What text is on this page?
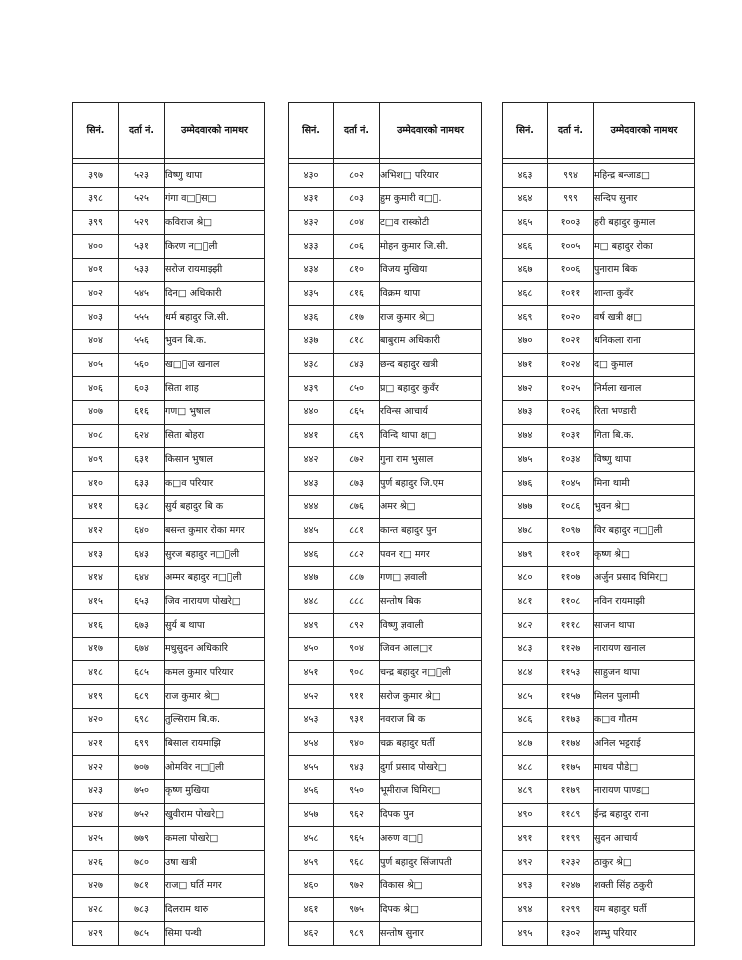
सिनं.	दर्ता नं.	उम्मेदवारको नामथर

३९७	५२३	विष्णु थापा
३९८	५२५	गंगा व□ास□
३९९	५२९	कविराज श्रे□
४००	५३१	किरण न□ाली
४०१	५३३	सरोज रायमाझ्झी
४०२	५४५	दिन□ अधिकारी
४०३	५५५	धर्म बहादुर जि.सी.
४०४	५५६	भुवन बि.क.
४०५	५६०	ख□ोज खनाल
४०६	६०३	सिता शाह
४०७	६१६	गण□ भुषाल
४०८	६२४	सिता बोहरा
४०९	६३१	किसान भुषाल
४१०	६३३	क□व परियार
४११	६३८	सुर्य बहादुर बि क
४१२	६४०	बसन्त कुमार रोका मगर
४१३	६४३	सुरज बहादुर न□ाली
४१४	६४४	अम्मर बहादुर न□ाली
४१५	६५३	जिव नारायण पोखरे□
४१६	६७३	सुर्य ब थापा
४१७	६७४	मधुसुदन अधिकारि
४१८	६८५	कमल कुमार परियार
४१९	६८९	राज कुमार श्रे□
४२०	६९८	तुल्सिराम बि.क.
४२१	६९९	बिसाल रायमाझि
४२२	७०७	ओमविर न□ाली
४२३	७५०	कृष्ण मुखिया
४२४	७५२	खुवीराम पोखरे□
४२५	७७९	कमला पोखरे□
४२६	७८०	उषा खत्री
४२७	७८१	राज□ घर्ति मगर
४२८	७८३	दिलराम थारु
४२९	७८५	सिमा पन्थी
सिनं.	दर्ता नं.	उम्मेदवारको नामथर

४३०	८०२	अभिश□ परियार
४३१	८०३	हुम कुमारी व□ी.
४३२	८०४	ट□व रास्कोटी
४३३	८०६	मोहन कुमार जि.सी.
४३४	८१०	विजय मुखिया
४३५	८१६	विक्रम थापा
४३६	८१७	राज कुमार श्रे□
४३७	८१८	बाबुराम अधिकारी
४३८	८४३	छन्द बहादुर खत्री
४३९	८५०	प्र□ बहादुर कुवँर
४४०	८६५	रविन्स आचार्य
४४१	८६९	विन्दि थापा क्ष□
४४२	८७२	गुना राम भुसाल
४४३	८७३	पुर्ण बहादुर जि.एम
४४४	८७६	अमर श्रे□
४४५	८८१	कान्त बहादुर पुन
४४६	८८२	पवन र□ मगर
४४७	८८७	गण□ ज्ञवाली
४४८	८८८	सन्तोष बिक
४४९	८९२	विष्णु ज्ञवाली
४५०	९०४	जिवन आल□र
४५१	९०८	चन्द्र बहादुर न□ाली
४५२	९११	सरोज कुमार श्रे□
४५३	९३१	नवराज बि क
४५४	९४०	चक्र बहादुर घर्ती
४५५	९४३	दुर्गा प्रसाद पोखरे□
४५६	९५०	भूमीराज घिमिर□
४५७	९६२	दिपक पुन
४५८	९६५	अरुण व□ी
४५९	९६८	पुर्ण बहादुर सिंजापती
४६०	९७२	विकास श्रे□
४६१	९७५	दिपक श्रे□
४६२	९८९	सन्तोष सुनार
सिनं.	दर्ता नं.	उम्मेदवारको नामथर

४६३	९९४	महिन्द्र बन्जाड□
४६४	९९९	सन्दिप सुनार
४६५	१००३	हरी बहादुर कुमाल
४६६	१००५	म□ बहादुर रोका
४६७	१००६	पुनाराम बिक
४६८	१०११	शान्ता कुवँर
४६९	१०२०	वर्ष खत्री क्ष□
४७०	१०२१	धनिकला राना
४७१	१०२४	द□ कुमाल
४७२	१०२५	निर्मला खनाल
४७३	१०२६	रिता भण्डारी
४७४	१०३१	गिता बि.क.
४७५	१०३४	विष्णु थापा
४७६	१०४५	मिना थामी
४७७	१०८६	भुवन श्रे□
४७८	१०९७	विर बहादुर न□ाली
४७९	११०१	कृष्ण श्रे□
४८०	११०७	अर्जुन प्रसाद घिमिर□
४८१	११०८	नविन रायमाझी
४८२	१११८	साजन थापा
४८३	११२७	नारायण खनाल
४८४	११५३	साहुजन थापा
४८५	११५७	मिलन पुलामी
४८६	११७३	क□व गौतम
४८७	११७४	अनिल भट्टराई
४८८	११७५	माधव पौडे□
४८९	११७९	नारायण पाण्ड□
४९०	११८९	ईन्द्र बहादुर राना
४९१	११९९	सुदन आचार्य
४९२	१२३२	ठाकुर श्रे□
४९३	१२४७	शक्ती सिंह ठकुरी
४९४	१२९९	यम बहादुर घर्ती
४९५	१३०२	शम्भु परियार
